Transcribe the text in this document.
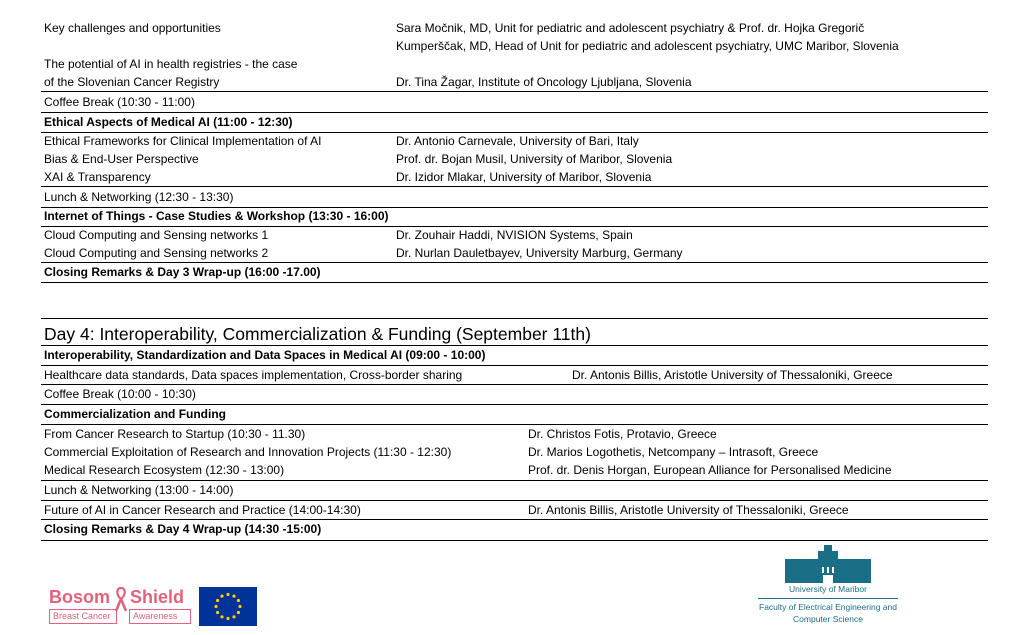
Key challenges and opportunities	Sara Močnik, MD, Unit for pediatric and adolescent psychiatry & Prof. dr. Hojka Gregorič
Kumperščak, MD, Head of Unit for pediatric and adolescent psychiatry, UMC Maribor, Slovenia
The potential of AI in health registries - the case
of the Slovenian Cancer Registry	Dr. Tina Žagar, Institute of Oncology Ljubljana, Slovenia
Coffee Break (10:30 - 11:00)
Ethical Aspects of Medical AI (11:00 - 12:30)
Ethical Frameworks for Clinical Implementation of AI	Dr. Antonio Carnevale, University of Bari, Italy
Bias & End-User Perspective	Prof. dr. Bojan Musil, University of Maribor, Slovenia
XAI & Transparency	Dr. Izidor Mlakar, University of Maribor, Slovenia
Lunch & Networking (12:30 - 13:30)
Internet of Things - Case Studies & Workshop (13:30 - 16:00)
Cloud Computing and Sensing networks 1	Dr. Zouhair Haddi, NVISION Systems, Spain
Cloud Computing and Sensing networks 2	Dr. Nurlan Dauletbayev, University Marburg, Germany
Closing Remarks & Day 3 Wrap-up (16:00 -17.00)
Day 4: Interoperability, Commercialization & Funding (September 11th)
Interoperability, Standardization and Data Spaces in Medical AI (09:00 - 10:00)
Healthcare data standards, Data spaces implementation, Cross-border sharing	Dr. Antonis Billis, Aristotle University of Thessaloniki, Greece
Coffee Break (10:00 - 10:30)
Commercialization and Funding
From Cancer Research to Startup (10:30 - 11.30)	Dr. Christos Fotis, Protavio, Greece
Commercial Exploitation of Research and Innovation Projects (11:30 - 12:30)	Dr. Marios Logothetis, Netcompany – Intrasoft, Greece
Medical Research Ecosystem (12:30 - 13:00)	Prof. dr. Denis Horgan, European Alliance for Personalised Medicine
Lunch & Networking (13:00 - 14:00)
Future of AI in Cancer Research and Practice (14:00-14:30)	Dr. Antonis Billis, Aristotle University of Thessaloniki, Greece
Closing Remarks & Day 4 Wrap-up (14:30 -15:00)
Bosom Shield
Breast Cancer	Awareness
University of Maribor
Faculty of Electrical Engineering and Computer Science
